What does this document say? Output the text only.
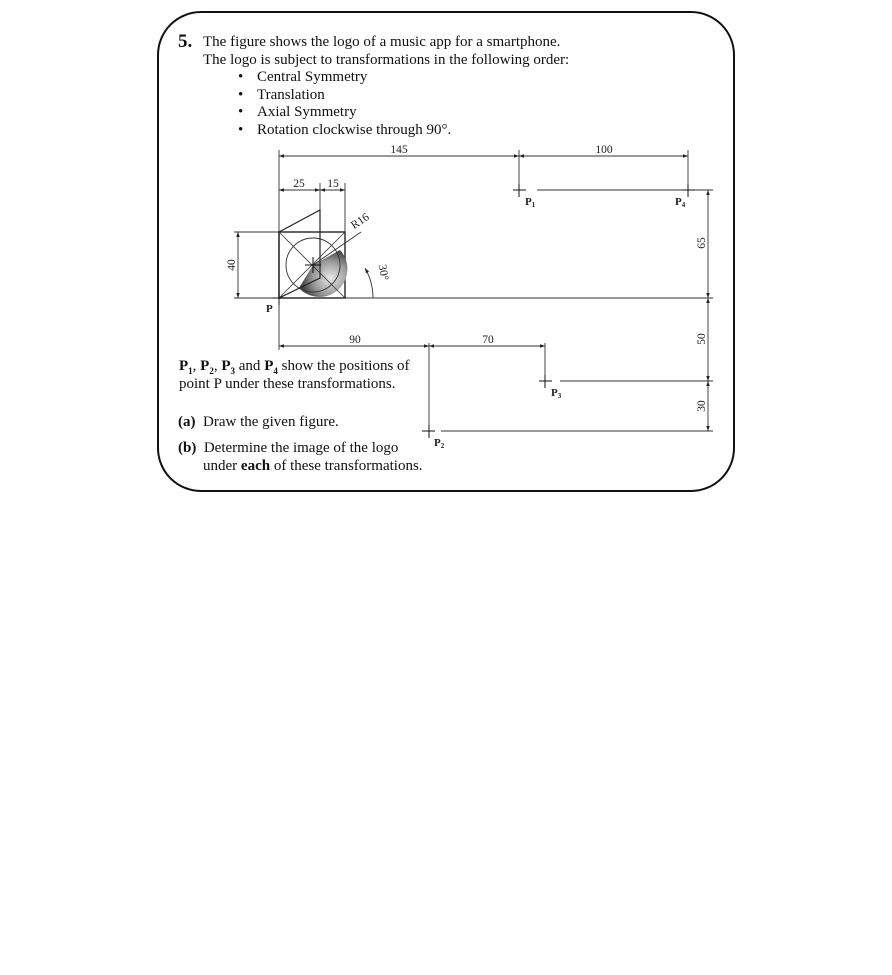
5. The figure shows the logo of a music app for a smartphone.
The logo is subject to transformations in the following order:
• Central Symmetry
• Translation
• Axial Symmetry
• Rotation clockwise through 90°.
$P_1$, $P_2$, $P_3$ and $P_4$ show the positions of
point P under these transformations.
(a) Draw the given figure.
(b) Determine the image of the logo
under each of these transformations.
145	100
25 15
R16
40	30°
65
90	70	50
30
P
P1	P4
P3
P2
